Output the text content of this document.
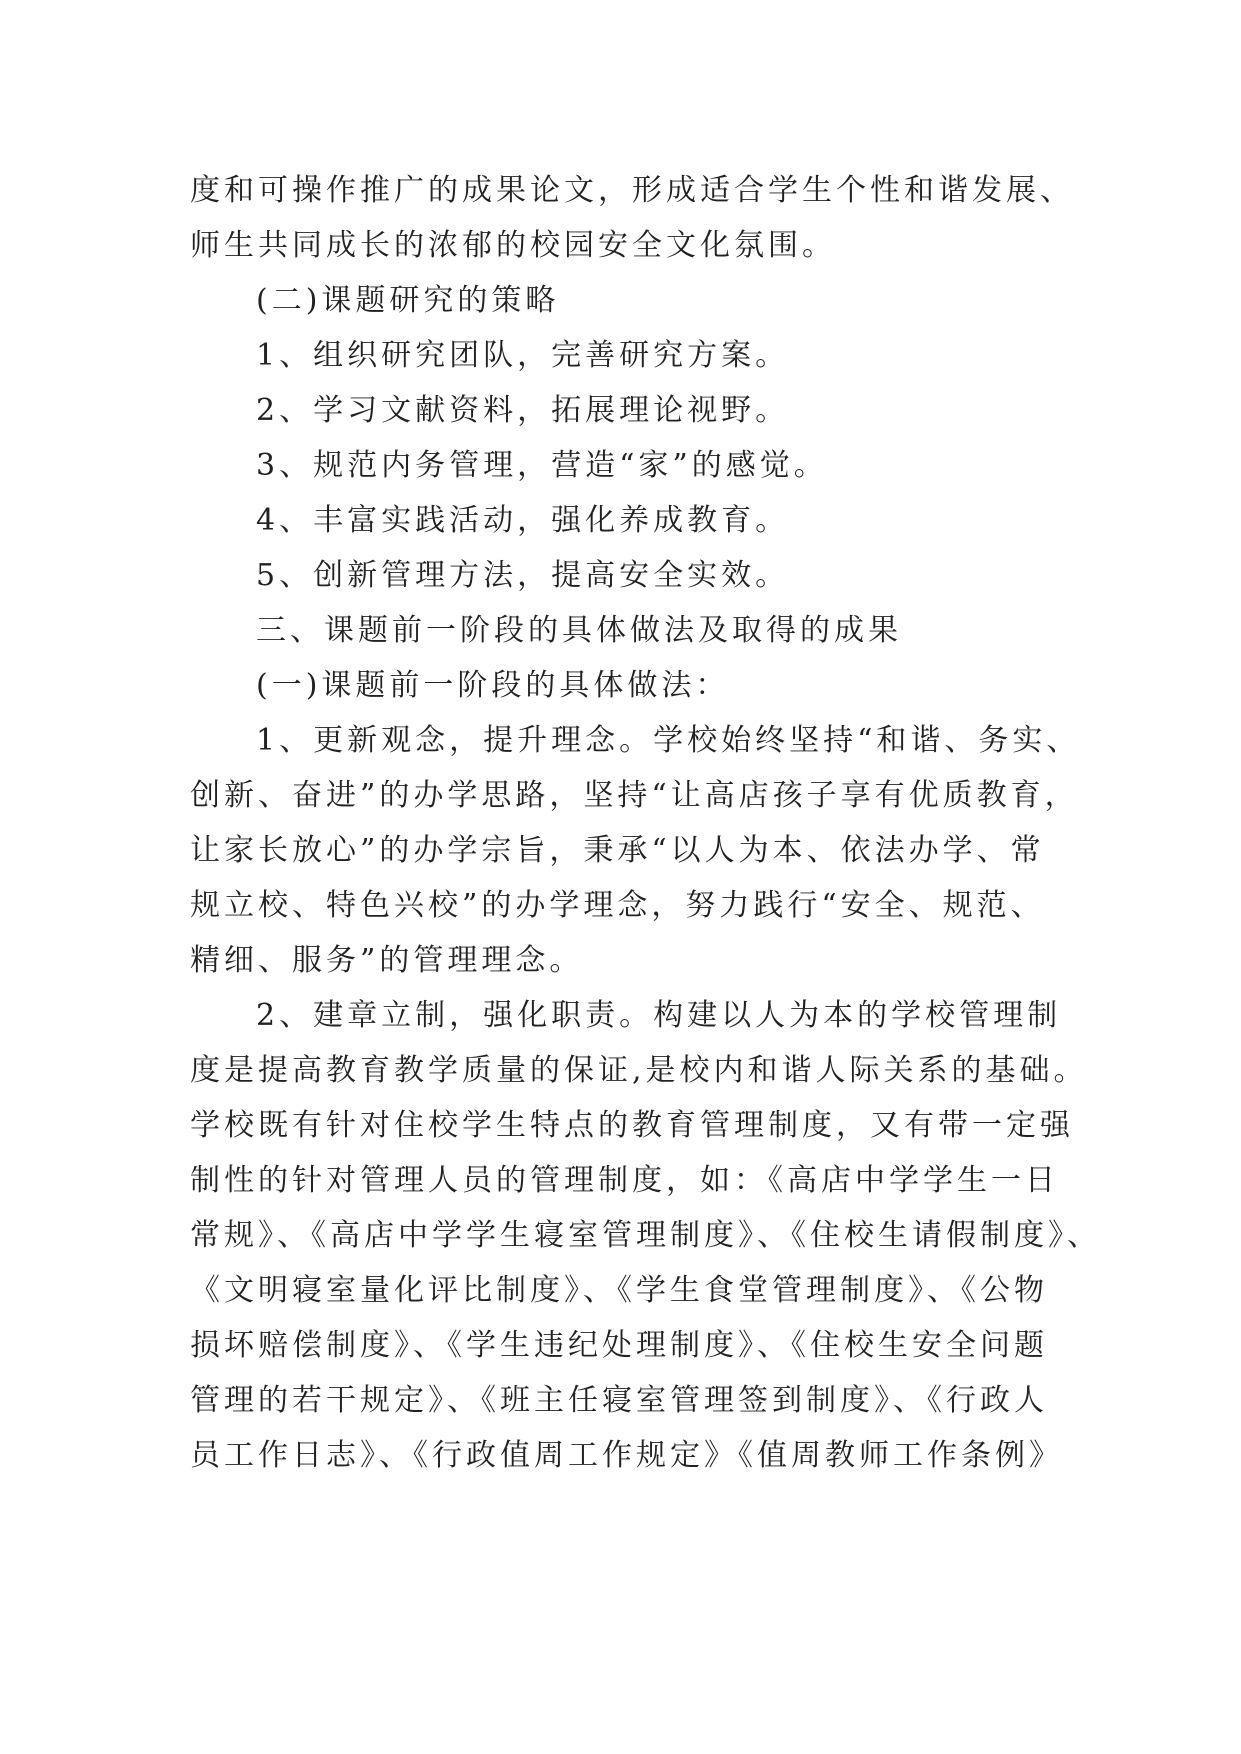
度和可操作推广的成果论文，形成适合学生个性和谐发展、
师生共同成长的浓郁的校园安全文化氛围。
(二)课题研究的策略
1、组织研究团队，完善研究方案。
2、学习文献资料，拓展理论视野。
3、规范内务管理，营造“家”的感觉。
4、丰富实践活动，强化养成教育。
5、创新管理方法，提高安全实效。
三、课题前一阶段的具体做法及取得的成果
(一)课题前一阶段的具体做法：
1、更新观念，提升理念。学校始终坚持“和谐、务实、
创新、奋进”的办学思路，坚持“让高店孩子享有优质教育，
让家长放心”的办学宗旨，秉承“以人为本、依法办学、常
规立校、特色兴校”的办学理念，努力践行“安全、规范、
精细、服务”的管理理念。
2、建章立制，强化职责。构建以人为本的学校管理制
度是提高教育教学质量的保证,是校内和谐人际关系的基础。
学校既有针对住校学生特点的教育管理制度，又有带一定强
制性的针对管理人员的管理制度，如：《高店中学学生一日
常规》、《高店中学学生寝室管理制度》、《住校生请假制度》、
《文明寝室量化评比制度》、《学生食堂管理制度》、《公物
损坏赔偿制度》、《学生违纪处理制度》、《住校生安全问题
管理的若干规定》、《班主任寝室管理签到制度》、《行政人
员工作日志》、《行政值周工作规定》《值周教师工作条例》
